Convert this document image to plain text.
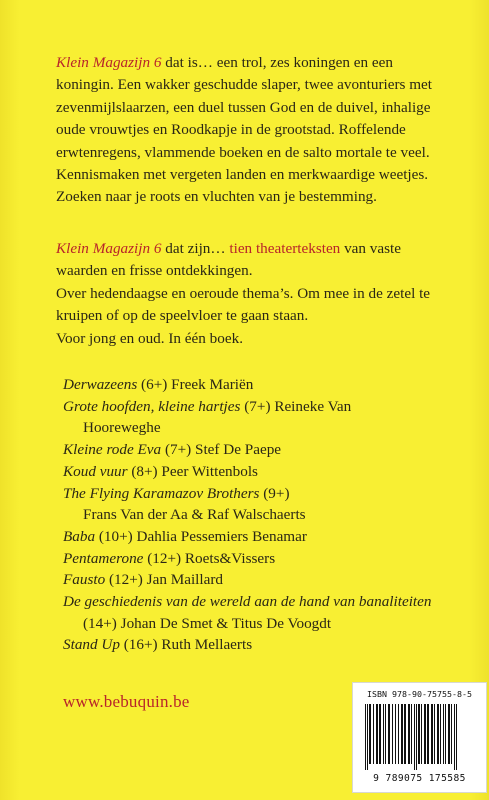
Klein Magazijn 6 dat is… een trol, zes koningen en een koningin. Een wakker geschudde slaper, twee avonturiers met zevenmijlslaarzen, een duel tussen God en de duivel, inhalige oude vrouwtjes en Roodkapje in de grootstad. Roffelende erwtenregens, vlammende boeken en de salto mortale te veel. Kennismaken met vergeten landen en merkwaardige weetjes. Zoeken naar je roots en vluchten van je bestemming.
Klein Magazijn 6 dat zijn… tien theaterteksten van vaste waarden en frisse ontdekkingen.
Over hedendaagse en oeroude thema’s. Om mee in de zetel te kruipen of op de speelvloer te gaan staan.
Voor jong en oud. In één boek.
Derwazeens (6+) Freek Mariën
Grote hoofden, kleine hartjes (7+) Reineke Van
Hooreweghe
Kleine rode Eva (7+) Stef De Paepe
Koud vuur (8+) Peer Wittenbols
The Flying Karamazov Brothers (9+)
Frans Van der Aa & Raf Walschaerts
Baba (10+) Dahlia Pessemiers Benamar
Pentamerone (12+) Roets&Vissers
Fausto (12+) Jan Maillard
De geschiedenis van de wereld aan de hand van banaliteiten
(14+) Johan De Smet & Titus De Voogdt
Stand Up (16+) Ruth Mellaerts
www.bebuquin.be	ISBN 978-90-75755-8-5
9 789075 175585
